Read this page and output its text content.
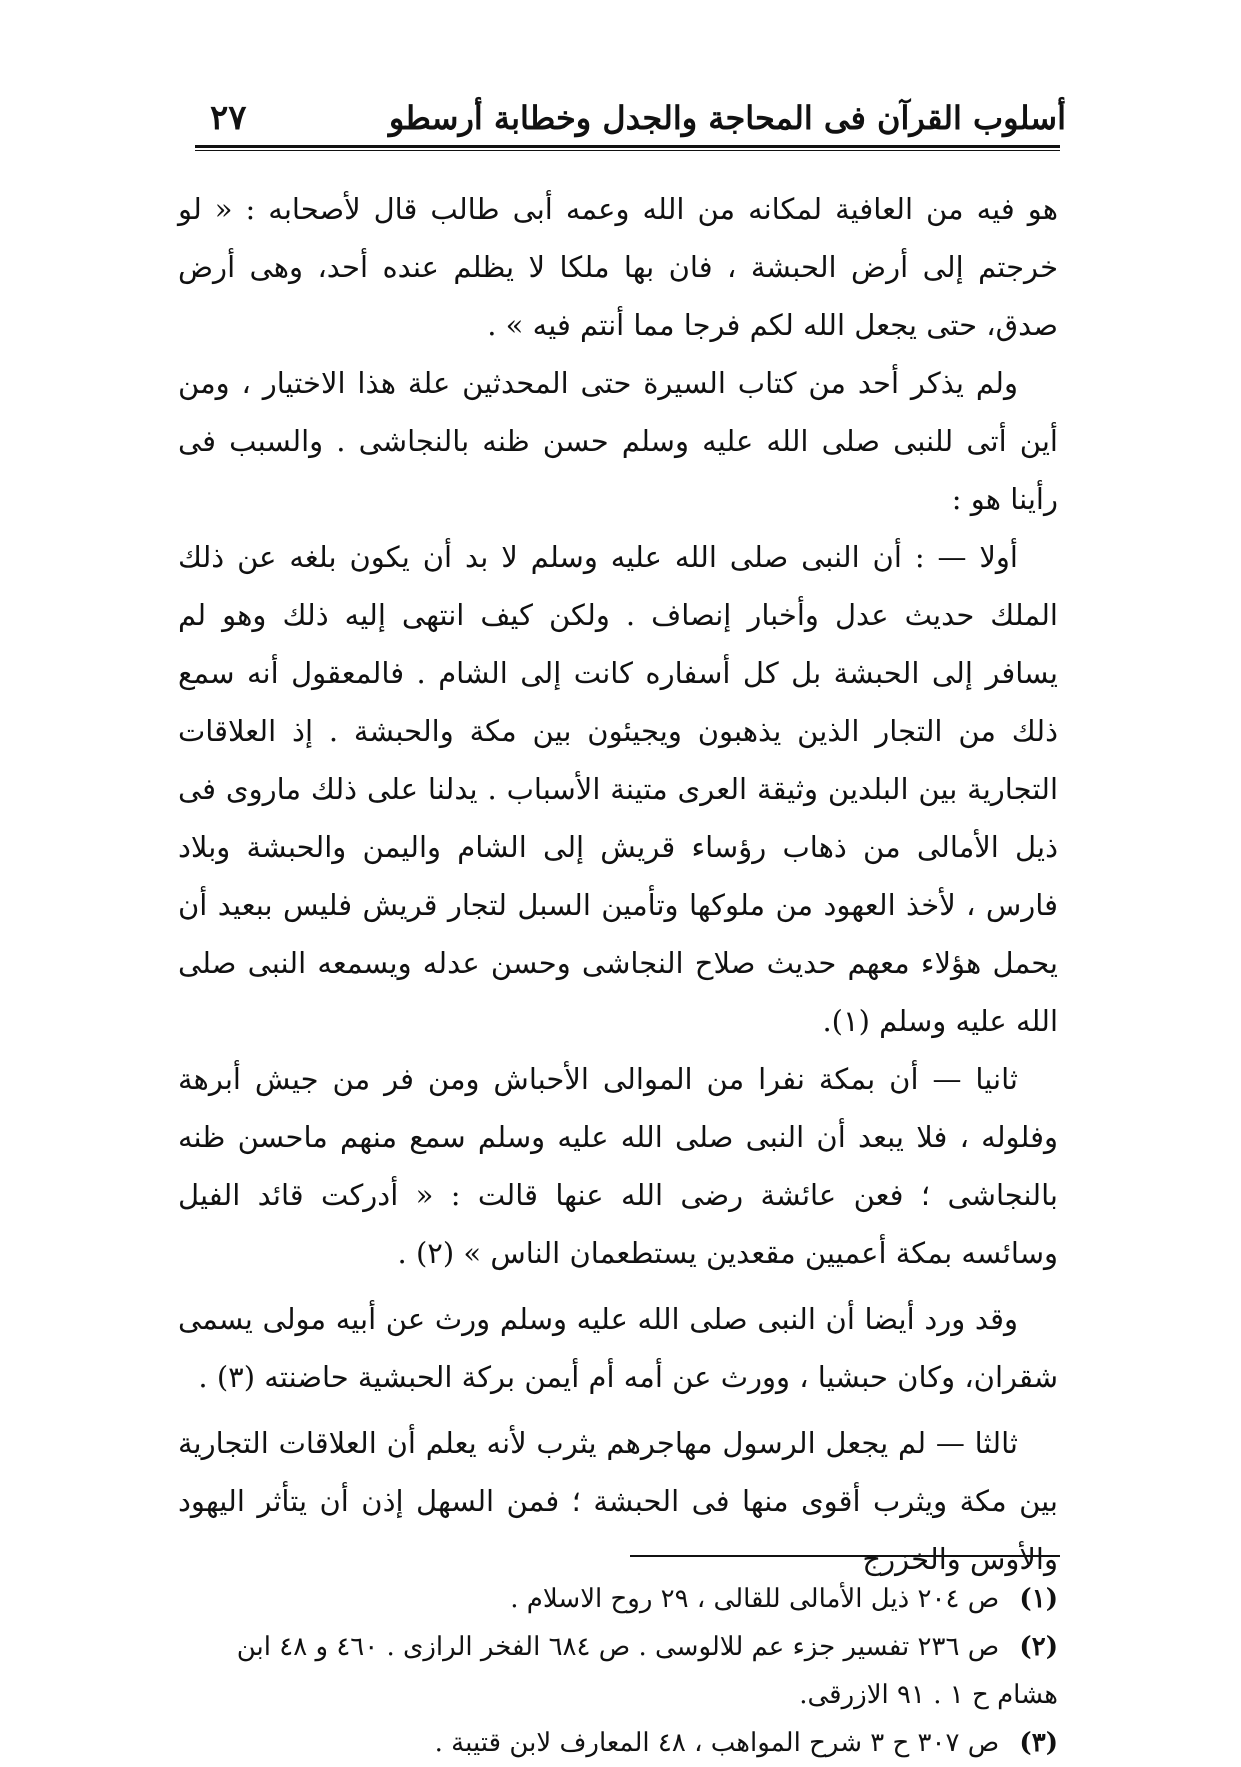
أسلوب القرآن فى المحاجة والجدل وخطابة أرسطو
٢٧

هو فيه من العافية لمكانه من الله وعمه أبى طالب قال لأصحابه : « لو خرجتم إلى أرض الحبشة ، فان بها ملكا لا يظلم عنده أحد، وهى أرض صدق، حتى يجعل الله لكم فرجا مما أنتم فيه » .

ولم يذكر أحد من كتاب السيرة حتى المحدثين علة هذا الاختيار ، ومن أين أتى للنبى صلى الله عليه وسلم حسن ظنه بالنجاشى . والسبب فى رأينا هو :

أولا — : أن النبى صلى الله عليه وسلم لا بد أن يكون بلغه عن ذلك الملك حديث عدل وأخبار إنصاف . ولكن كيف انتهى إليه ذلك وهو لم يسافر إلى الحبشة بل كل أسفاره كانت إلى الشام . فالمعقول أنه سمع ذلك من التجار الذين يذهبون ويجيئون بين مكة والحبشة . إذ العلاقات التجارية بين البلدين وثيقة العرى متينة الأسباب . يدلنا على ذلك ماروى فى ذيل الأمالى من ذهاب رؤساء قريش إلى الشام واليمن والحبشة وبلاد فارس ، لأخذ العهود من ملوكها وتأمين السبل لتجار قريش فليس ببعيد أن يحمل هؤلاء معهم حديث صلاح النجاشى وحسن عدله ويسمعه النبى صلى الله عليه وسلم (١).

ثانيا — أن بمكة نفرا من الموالى الأحباش ومن فر من جيش أبرهة وفلوله ، فلا يبعد أن النبى صلى الله عليه وسلم سمع منهم ماحسن ظنه بالنجاشى ؛ فعن عائشة رضى الله عنها قالت : « أدركت قائد الفيل وسائسه بمكة أعميين مقعدين يستطعمان الناس » (٢) .

وقد ورد أيضا أن النبى صلى الله عليه وسلم ورث عن أبيه مولى يسمى شقران، وكان حبشيا ، وورث عن أمه أم أيمن بركة الحبشية حاضنته (٣) .

ثالثا — لم يجعل الرسول مهاجرهم يثرب لأنه يعلم أن العلاقات التجارية بين مكة ويثرب أقوى منها فى الحبشة ؛ فمن السهل إذن أن يتأثر اليهود والأوس والخزرج

(١) ص ٢٠٤ ذيل الأمالى للقالى ، ٢٩ روح الاسلام .

(٢) ص ٢٣٦ تفسير جزء عم للالوسى . ص ٦٨٤ الفخر الرازى . ٤٦٠ و ٤٨ ابن هشام ح ١ . ٩١ الازرقى.

(٣) ص ٣٠٧ ح ٣ شرح المواهب ، ٤٨ المعارف لابن قتيبة .
